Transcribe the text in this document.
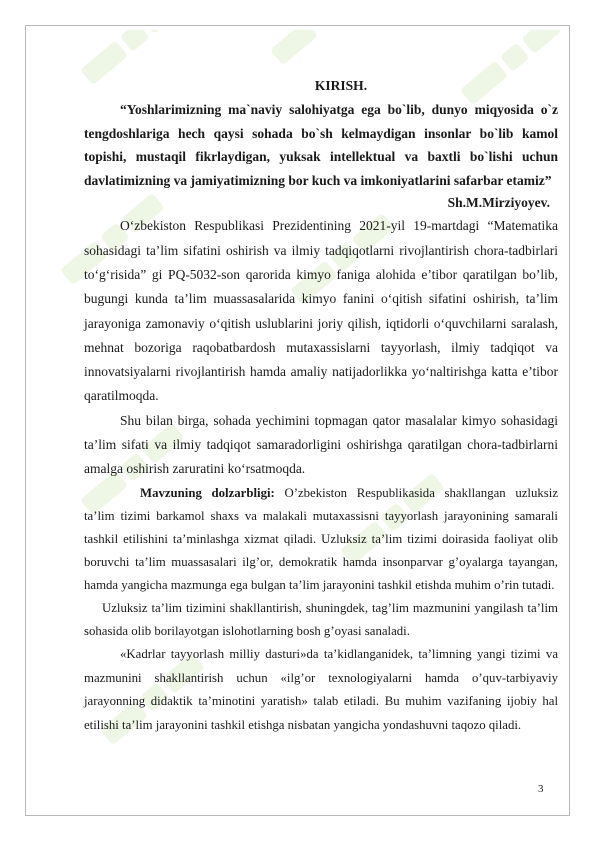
KIRISH.

“Yoshlarimizning ma`naviy salohiyatga ega bo`lib, dunyo miqyosida o`z tengdoshlariga hech qaysi sohada bo`sh kelmaydigan insonlar bo`lib kamol topishi, mustaqil fikrlaydigan, yuksak intellektual va baxtli bo`lishi uchun davlatimizning va jamiyatimizning bor kuch va imkoniyatlarini safarbar etamiz”

Sh.M.Mirziyoyev.

O‘zbekiston Respublikasi Prezidentining 2021-yil 19-martdagi “Matematika sohasidagi ta’lim sifatini oshirish va ilmiy tadqiqotlarni rivojlantirish chora-tadbirlari to‘g‘risida” gi PQ-5032-son qarorida kimyo faniga alohida e’tibor qaratilgan bo’lib, bugungi kunda ta’lim muassasalarida kimyo fanini o‘qitish sifatini oshirish, ta’lim jarayoniga zamonaviy o‘qitish uslublarini joriy qilish, iqtidorli o‘quvchilarni saralash, mehnat bozoriga raqobatbardosh mutaxassislarni tayyorlash, ilmiy tadqiqot va innovatsiyalarni rivojlantirish hamda amaliy natijadorlikka yo‘naltirishga katta e’tibor qaratilmoqda.

Shu bilan birga, sohada yechimini topmagan qator masalalar kimyo sohasidagi ta’lim sifati va ilmiy tadqiqot samaradorligini oshirishga qaratilgan chora-tadbirlarni amalga oshirish zaruratini ko‘rsatmoqda.

Mavzuning dolzarbligi: O’zbekiston Respublikasida shakllangan uzluksiz ta’lim tizimi barkamol shaxs va malakali mutaxassisni tayyorlash jarayonining samarali tashkil etilishini ta’minlashga xizmat qiladi. Uzluksiz ta’lim tizimi doirasida faoliyat olib boruvchi ta’lim muassasalari ilg’or, demokratik hamda insonparvar g’oyalarga tayangan, hamda yangicha mazmunga ega bulgan ta’lim jarayonini tashkil etishda muhim o’rin tutadi.

Uzluksiz ta’lim tizimini shakllantirish, shuningdek, tag’lim mazmunini yangilash ta’lim sohasida olib borilayotgan islohotlarning bosh g’oyasi sanaladi.

«Kadrlar tayyorlash milliy dasturi»da ta’kidlanganidek, ta’limning yangi tizimi va mazmunini shakllantirish uchun «ilg’or texnologiyalarni hamda o’quv-tarbiyaviy jarayonning didaktik ta’minotini yaratish» talab etiladi. Bu muhim vazifaning ijobiy hal etilishi ta’lim jarayonini tashkil etishga nisbatan yangicha yondashuvni taqozo qiladi.

3
